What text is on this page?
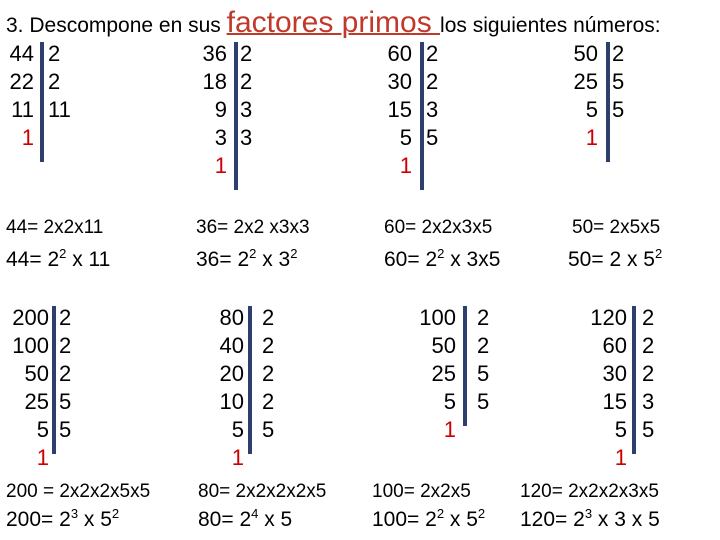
3. Descompone en sus factores primos los siguientes números:
44
22
11
1
2
2
11
44= 2x2x11
$44= 2^2$ x 11
36
18
9
3
1
2
2
3
3
36= 2x2 x3x3
$36= 2^2$ x $3^2$
60
30
15
5
1
2
2
3
5
60= 2x2x3x5
$60= 2^2$ x 3x5
50
25
5
1
2
5
5
50= 2x5x5
50= 2 x $5^2$
200
100
50
25
5
1
2
2
2
5
5
200 = 2x2x2x5x5
$200= 2^3$ x $5^2$
80
40
20
10
5
1
2
2
2
2
5
80= 2x2x2x2x5
$80= 2^4$ x 5
100
50
25
5
1
2
2
5
5
100= 2x2x5
$100= 2^2$ x $5^2$
120
60
30
15
5
1
2
2
2
3
5
120= 2x2x2x3x5
$120= 2^3$ x 3 x 5
